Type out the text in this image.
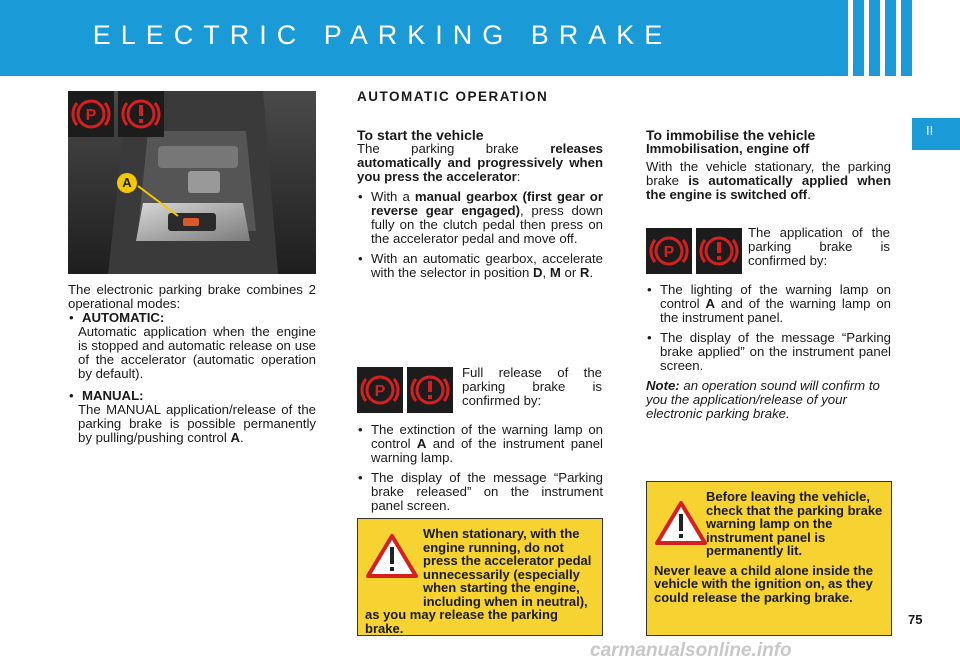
ELECTRIC PARKING BRAKE
II
75
P
A

The electronic parking brake combines 2 operational modes:

• AUTOMATIC:

Automatic application when the engine is stopped and automatic release on use of the accelerator (automatic operation by default).

• MANUAL:

The MANUAL application/release of the parking brake is possible permanently by pulling/pushing control A.

AUTOMATIC OPERATION

To start the vehicle

The parking brake releases automatically and progressively when you press the accelerator:

• With a manual gearbox (first gear or reverse gear engaged), press down fully on the clutch pedal then press on the accelerator pedal and move off.

• With an automatic gearbox, accelerate with the selector in position D, M or R.

P
Full release of the parking brake is confirmed by:

• The extinction of the warning lamp on control A and of the instrument panel warning lamp.

• The display of the message “Parking brake released” on the instrument panel screen.

When stationary, with the engine running, do not press the accelerator pedal unnecessarily (especially when starting the engine, including when in neutral), as you may release the parking brake.

To immobilise the vehicle

Immobilisation, engine off

With the vehicle stationary, the parking brake is automatically applied when the engine is switched off.

P
The application of the parking brake is confirmed by:

• The lighting of the warning lamp on control A and of the warning lamp on the instrument panel.

• The display of the message “Parking brake applied” on the instrument panel screen.

Note: an operation sound will confirm to you the application/release of your electronic parking brake.

Before leaving the vehicle, check that the parking brake warning lamp on the instrument panel is permanently lit.

Never leave a child alone inside the vehicle with the ignition on, as they could release the parking brake.

carmanualsonline.info
